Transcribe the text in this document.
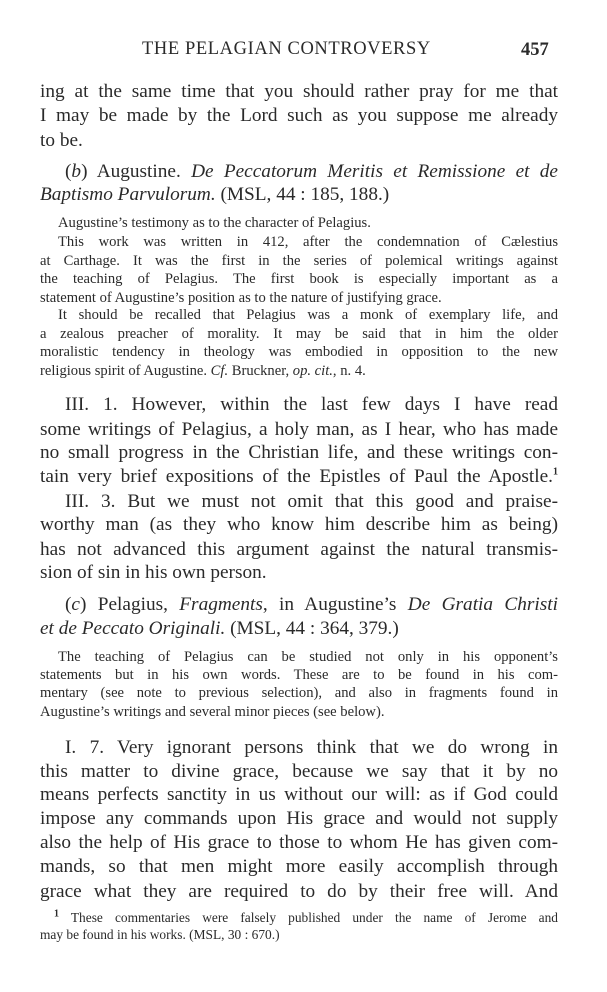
THE PELAGIAN CONTROVERSY	457
ing at the same time that you should rather pray for me that
I may be made by the Lord such as you suppose me already
to be.
(b) Augustine. De Peccatorum Meritis et Remissione et de
Baptismo Parvulorum. (MSL, 44 : 185, 188.)
Augustine’s testimony as to the character of Pelagius.
This work was written in 412, after the condemnation of Cælestius
at Carthage. It was the first in the series of polemical writings against
the teaching of Pelagius. The first book is especially important as a
statement of Augustine’s position as to the nature of justifying grace.
It should be recalled that Pelagius was a monk of exemplary life, and
a zealous preacher of morality. It may be said that in him the older
moralistic tendency in theology was embodied in opposition to the new
religious spirit of Augustine. Cf. Bruckner, op. cit., n. 4.
III. 1. However, within the last few days I have read
some writings of Pelagius, a holy man, as I hear, who has made
no small progress in the Christian life, and these writings con-
tain very brief expositions of the Epistles of Paul the Apostle.$^1$
III. 3. But we must not omit that this good and praise-
worthy man (as they who know him describe him as being)
has not advanced this argument against the natural transmis-
sion of sin in his own person.
(c) Pelagius, Fragments, in Augustine’s De Gratia Christi
et de Peccato Originali. (MSL, 44 : 364, 379.)
The teaching of Pelagius can be studied not only in his opponent’s
statements but in his own words. These are to be found in his com-
mentary (see note to previous selection), and also in fragments found in
Augustine’s writings and several minor pieces (see below).
I. 7. Very ignorant persons think that we do wrong in
this matter to divine grace, because we say that it by no
means perfects sanctity in us without our will: as if God could
impose any commands upon His grace and would not supply
also the help of His grace to those to whom He has given com-
mands, so that men might more easily accomplish through
grace what they are required to do by their free will. And
$^1$ These commentaries were falsely published under the name of Jerome and
may be found in his works. (MSL, 30 : 670.)
